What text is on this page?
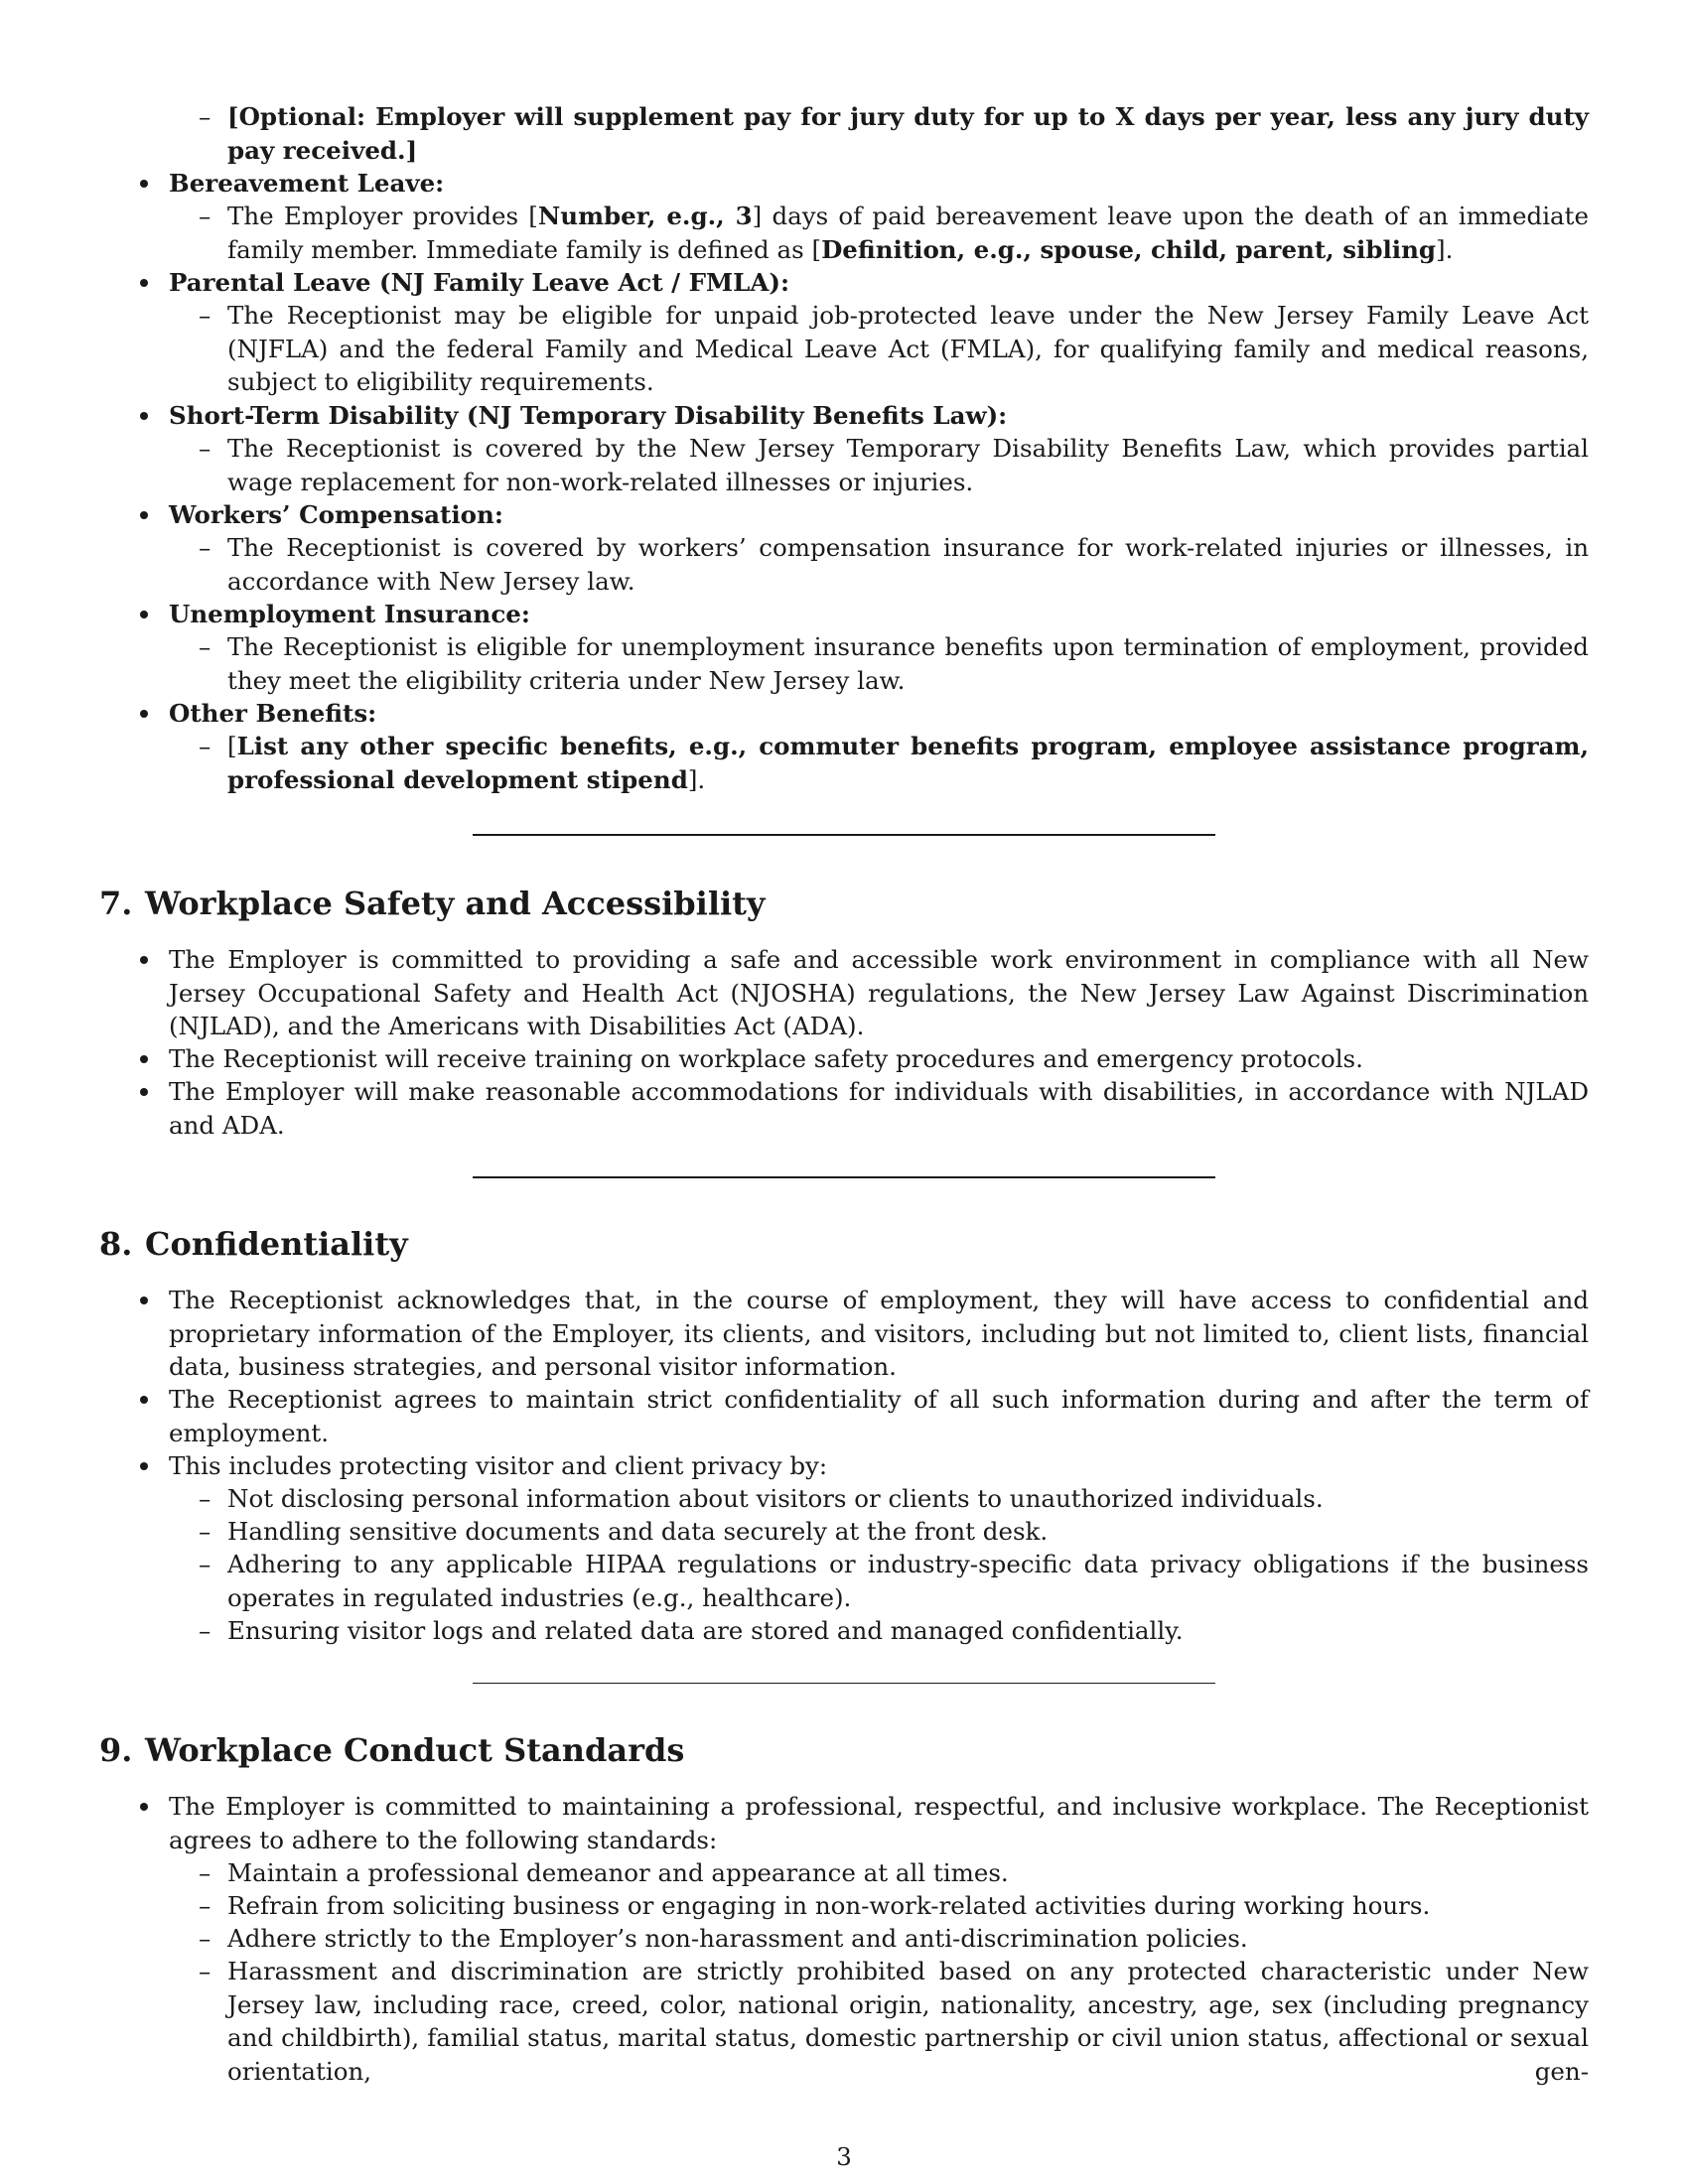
– [Optional: Employer will supplement pay for jury duty for up to X days per year, less any jury duty pay received.]
Bereavement Leave:
– The Employer provides [Number, e.g., 3] days of paid bereavement leave upon the death of an immediate family member. Immediate family is defined as [Definition, e.g., spouse, child, parent, sibling].
Parental Leave (NJ Family Leave Act / FMLA):
– The Receptionist may be eligible for unpaid job-protected leave under the New Jersey Family Leave Act (NJFLA) and the federal Family and Medical Leave Act (FMLA), for qualifying family and medical reasons, subject to eligibility requirements.
Short-Term Disability (NJ Temporary Disability Benefits Law):
– The Receptionist is covered by the New Jersey Temporary Disability Benefits Law, which provides partial wage replacement for non-work-related illnesses or injuries.
Workers’ Compensation:
– The Receptionist is covered by workers’ compensation insurance for work-related injuries or illnesses, in accordance with New Jersey law.
Unemployment Insurance:
– The Receptionist is eligible for unemployment insurance benefits upon termination of employment, provided they meet the eligibility criteria under New Jersey law.
Other Benefits:
– [List any other specific benefits, e.g., commuter benefits program, employee assistance program, professional development stipend].
7. Workplace Safety and Accessibility
The Employer is committed to providing a safe and accessible work environment in compliance with all New Jersey Occupational Safety and Health Act (NJOSHA) regulations, the New Jersey Law Against Discrimination (NJLAD), and the Americans with Disabilities Act (ADA).
The Receptionist will receive training on workplace safety procedures and emergency protocols.
The Employer will make reasonable accommodations for individuals with disabilities, in accordance with NJLAD and ADA.
8. Confidentiality
The Receptionist acknowledges that, in the course of employment, they will have access to confidential and proprietary information of the Employer, its clients, and visitors, including but not limited to, client lists, financial data, business strategies, and personal visitor information.
The Receptionist agrees to maintain strict confidentiality of all such information during and after the term of employment.
This includes protecting visitor and client privacy by:
– Not disclosing personal information about visitors or clients to unauthorized individuals.
– Handling sensitive documents and data securely at the front desk.
– Adhering to any applicable HIPAA regulations or industry-specific data privacy obligations if the business operates in regulated industries (e.g., healthcare).
– Ensuring visitor logs and related data are stored and managed confidentially.
9. Workplace Conduct Standards
The Employer is committed to maintaining a professional, respectful, and inclusive workplace. The Receptionist agrees to adhere to the following standards:
– Maintain a professional demeanor and appearance at all times.
– Refrain from soliciting business or engaging in non-work-related activities during working hours.
– Adhere strictly to the Employer’s non-harassment and anti-discrimination policies.
– Harassment and discrimination are strictly prohibited based on any protected characteristic under New Jersey law, including race, creed, color, national origin, nationality, ancestry, age, sex (including pregnancy and childbirth), familial status, marital status, domestic partnership or civil union status, affectional or sexual orientation, gen-
3
